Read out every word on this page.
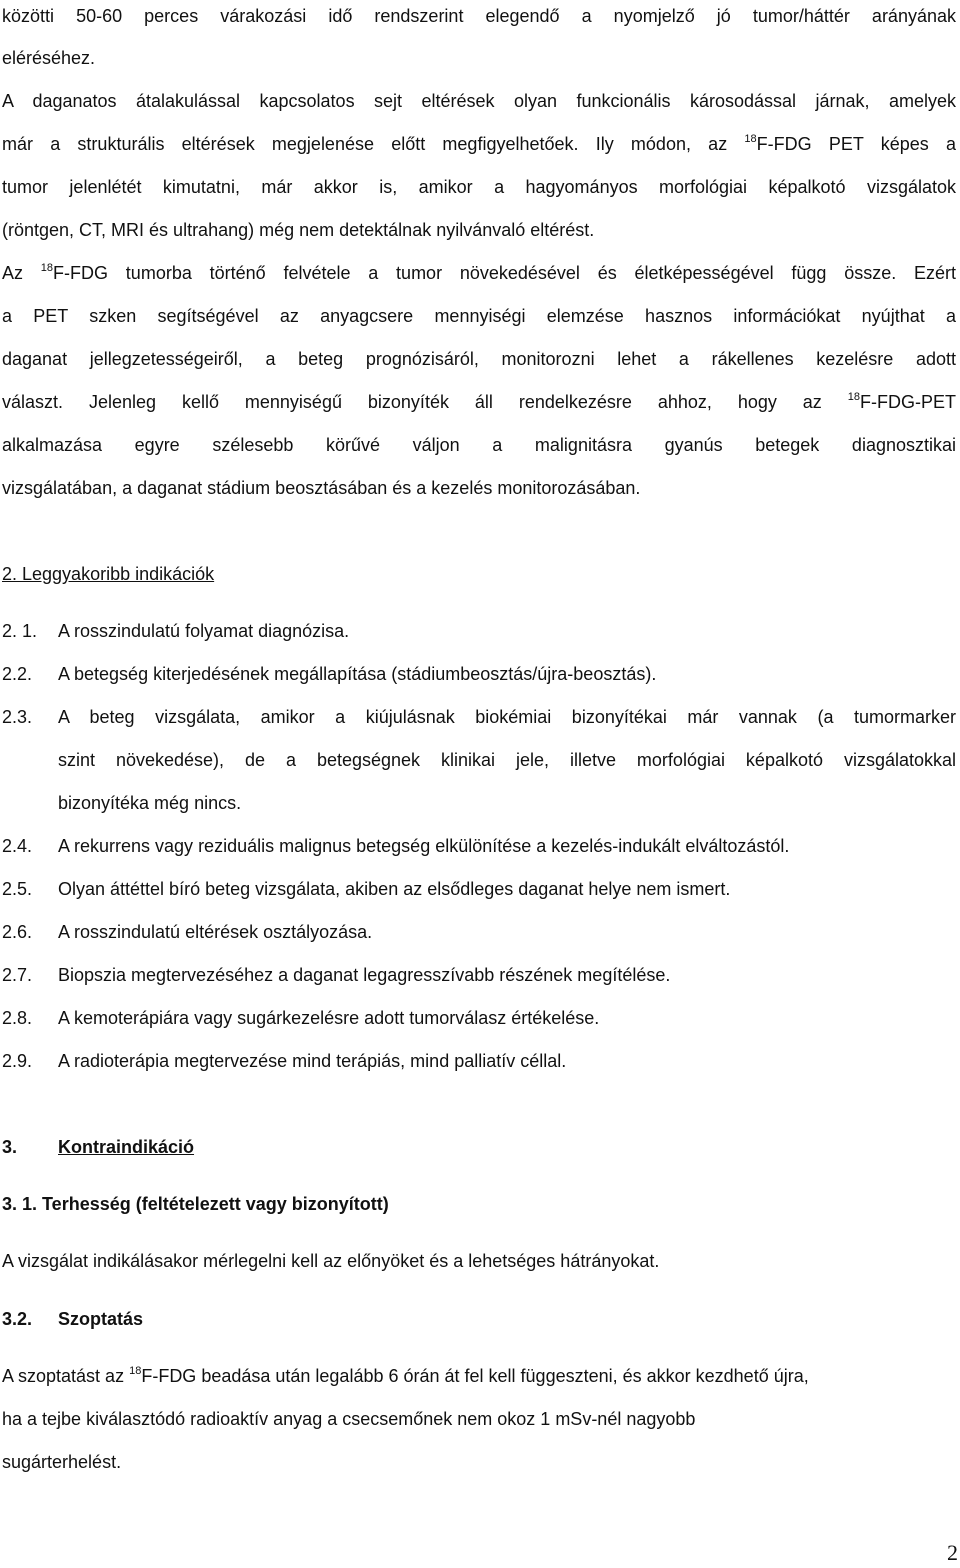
közötti 50-60 perces várakozási idő rendszerint elegendő a nyomjelző jó tumor/háttér arányának
eléréséhez.
A daganatos átalakulással kapcsolatos sejt eltérések olyan funkcionális károsodással járnak, amelyek
már a strukturális eltérések megjelenése előtt megfigyelhetőek. Ily módon, az $^{18}$F-FDG PET képes a
tumor jelenlétét kimutatni, már akkor is, amikor a hagyományos morfológiai képalkotó vizsgálatok
(röntgen, CT, MRI és ultrahang) még nem detektálnak nyilvánvaló eltérést.
Az $^{18}$F-FDG tumorba történő felvétele a tumor növekedésével és életképességével függ össze. Ezért
a PET szken segítségével az anyagcsere mennyiségi elemzése hasznos információkat nyújthat a
daganat jellegzetességeiről, a beteg prognózisáról, monitorozni lehet a rákellenes kezelésre adott
választ. Jelenleg kellő mennyiségű bizonyíték áll rendelkezésre ahhoz, hogy az $^{18}$F-FDG-PET
alkalmazása egyre szélesebb körűvé váljon a malignitásra gyanús betegek diagnosztikai
vizsgálatában, a daganat stádium beosztásában és a kezelés monitorozásában.
2. Leggyakoribb indikációk
2. 1. A rosszindulatú folyamat diagnózisa.
2.2. A betegség kiterjedésének megállapítása (stádiumbeosztás/újra-beosztás).
2.3.	A beteg vizsgálata, amikor a kiújulásnak biokémiai bizonyítékai már vannak (a tumormarker
szint növekedése), de a betegségnek klinikai jele, illetve morfológiai képalkotó vizsgálatokkal
bizonyítéka még nincs.
2.4. A rekurrens vagy reziduális malignus betegség elkülönítése a kezelés-indukált elváltozástól.
2.5. Olyan áttéttel bíró beteg vizsgálata, akiben az elsődleges daganat helye nem ismert.
2.6. A rosszindulatú eltérések osztályozása.
2.7. Biopszia megtervezéséhez a daganat legagresszívabb részének megítélése.
2.8. A kemoterápiára vagy sugárkezelésre adott tumorválasz értékelése.
2.9. A radioterápia megtervezése mind terápiás, mind palliatív céllal.
3. Kontraindikáció
3. 1. Terhesség (feltételezett vagy bizonyított)
A vizsgálat indikálásakor mérlegelni kell az előnyöket és a lehetséges hátrányokat.
3.2. Szoptatás
A szoptatást az $^{18}$F-FDG beadása után legalább 6 órán át fel kell függeszteni, és akkor kezdhető újra,
ha a tejbe kiválasztódó radioaktív anyag a csecsemőnek nem okoz 1 mSv-nél nagyobb
sugárterhelést.
2
